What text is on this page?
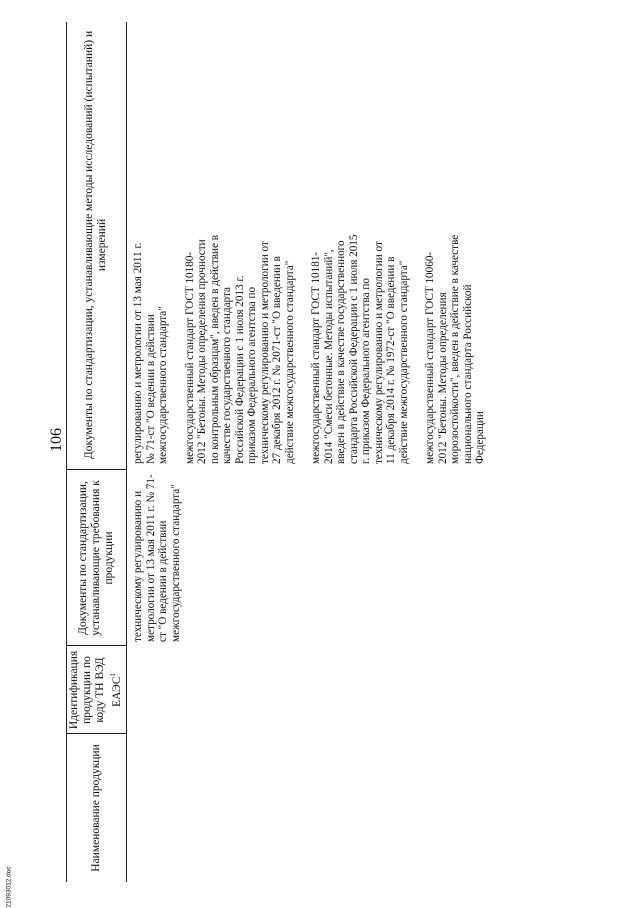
106
Наименование продукции
Идентификация продукции по коду ТН ВЭД ЕАЭС$^1$
Документы по стандартизации, устанавливающие требования к продукции
Документы по стандартизации, устанавливающие методы исследований (испытаний) и измерений
техническому регулированию и метрологии от 13 мая 2011 г. № 71-ст "О ведении в действии межгосударственного стандарта"
регулированию и метрологии от 13 мая 2011 г. № 71-ст "О ведении в действии межгосударственного стандарта" межгосударственный стандарт ГОСТ 10180-2012 "Бетоны. Методы определения прочности по контрольным образцам", введен в действие в качестве государственного стандарта Российской Федерации с 1 июля 2013 г. приказом Федерального агентства по техническому регулированию и метрологии от 27 декабря 2012 г. № 2071-ст "О введении в действие межгосударственного стандарта" межгосударственный стандарт ГОСТ 10181-2014 "Смеси бетонные. Методы испытаний", введен в действие в качестве государственного стандарта Российской Федерации с 1 июля 2015 г. приказом Федерального агентства по техническому регулированию и метрологии от 11 декабря 2014 г. № 1972-ст "О введении в действие межгосударственного стандарта" межгосударственный стандарт ГОСТ 10060-2012 "Бетоны. Методы определения морозостойкости", введен в действие в качестве национального стандарта Российской Федерации
21093012.doc
